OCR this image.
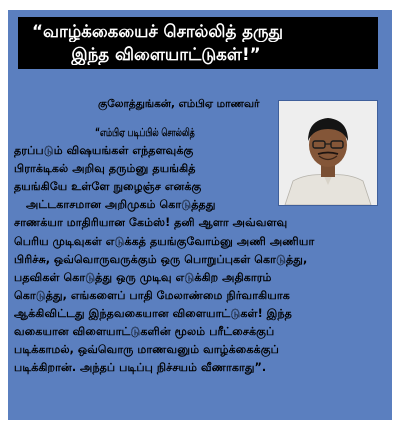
“வாழ்க்கையைச் சொல்லித் தருது
இந்த விளையாட்டுகள்!”
குலோத்துங்கன், எம்பிஏ மாணவர்
“எம்பிஏ படிப்பில் சொல்லித்
தரப்படும் விஷயங்கள் எந்தளவுக்கு
பிராக்டிகல் அறிவு தரும்னு தயங்கித்
தயங்கியே உள்ளே நுழைஞ்ச எனக்கு
அட்டகாசமான அறிமுகம் கொடுத்தது
சாணக்யா மாதிரியான கேம்ஸ்! தனி ஆளா அவ்வளவு
பெரிய முடிவுகள் எடுக்கத் தயங்குவோம்னு அணி அணியா
பிரிச்சு, ஒவ்வொருவருக்கும் ஒரு பொறுப்புகள் கொடுத்து,
பதவிகள் கொடுத்து ஒரு முடிவு எடுக்கிற அதிகாரம்
கொடுத்து, எங்களைப் பாதி மேலாண்மை நிர்வாகியாக
ஆக்கிவிட்டது இந்தவகையான விளையாட்டுகள்! இந்த
வகையான விளையாட்டுகளின் மூலம் பரீட்சைக்குப்
படிக்காமல், ஒவ்வொரு மாணவனும் வாழ்க்கைக்குப்
படிக்கிறான். அந்தப் படிப்பு நிச்சயம் வீணாகாது”.
